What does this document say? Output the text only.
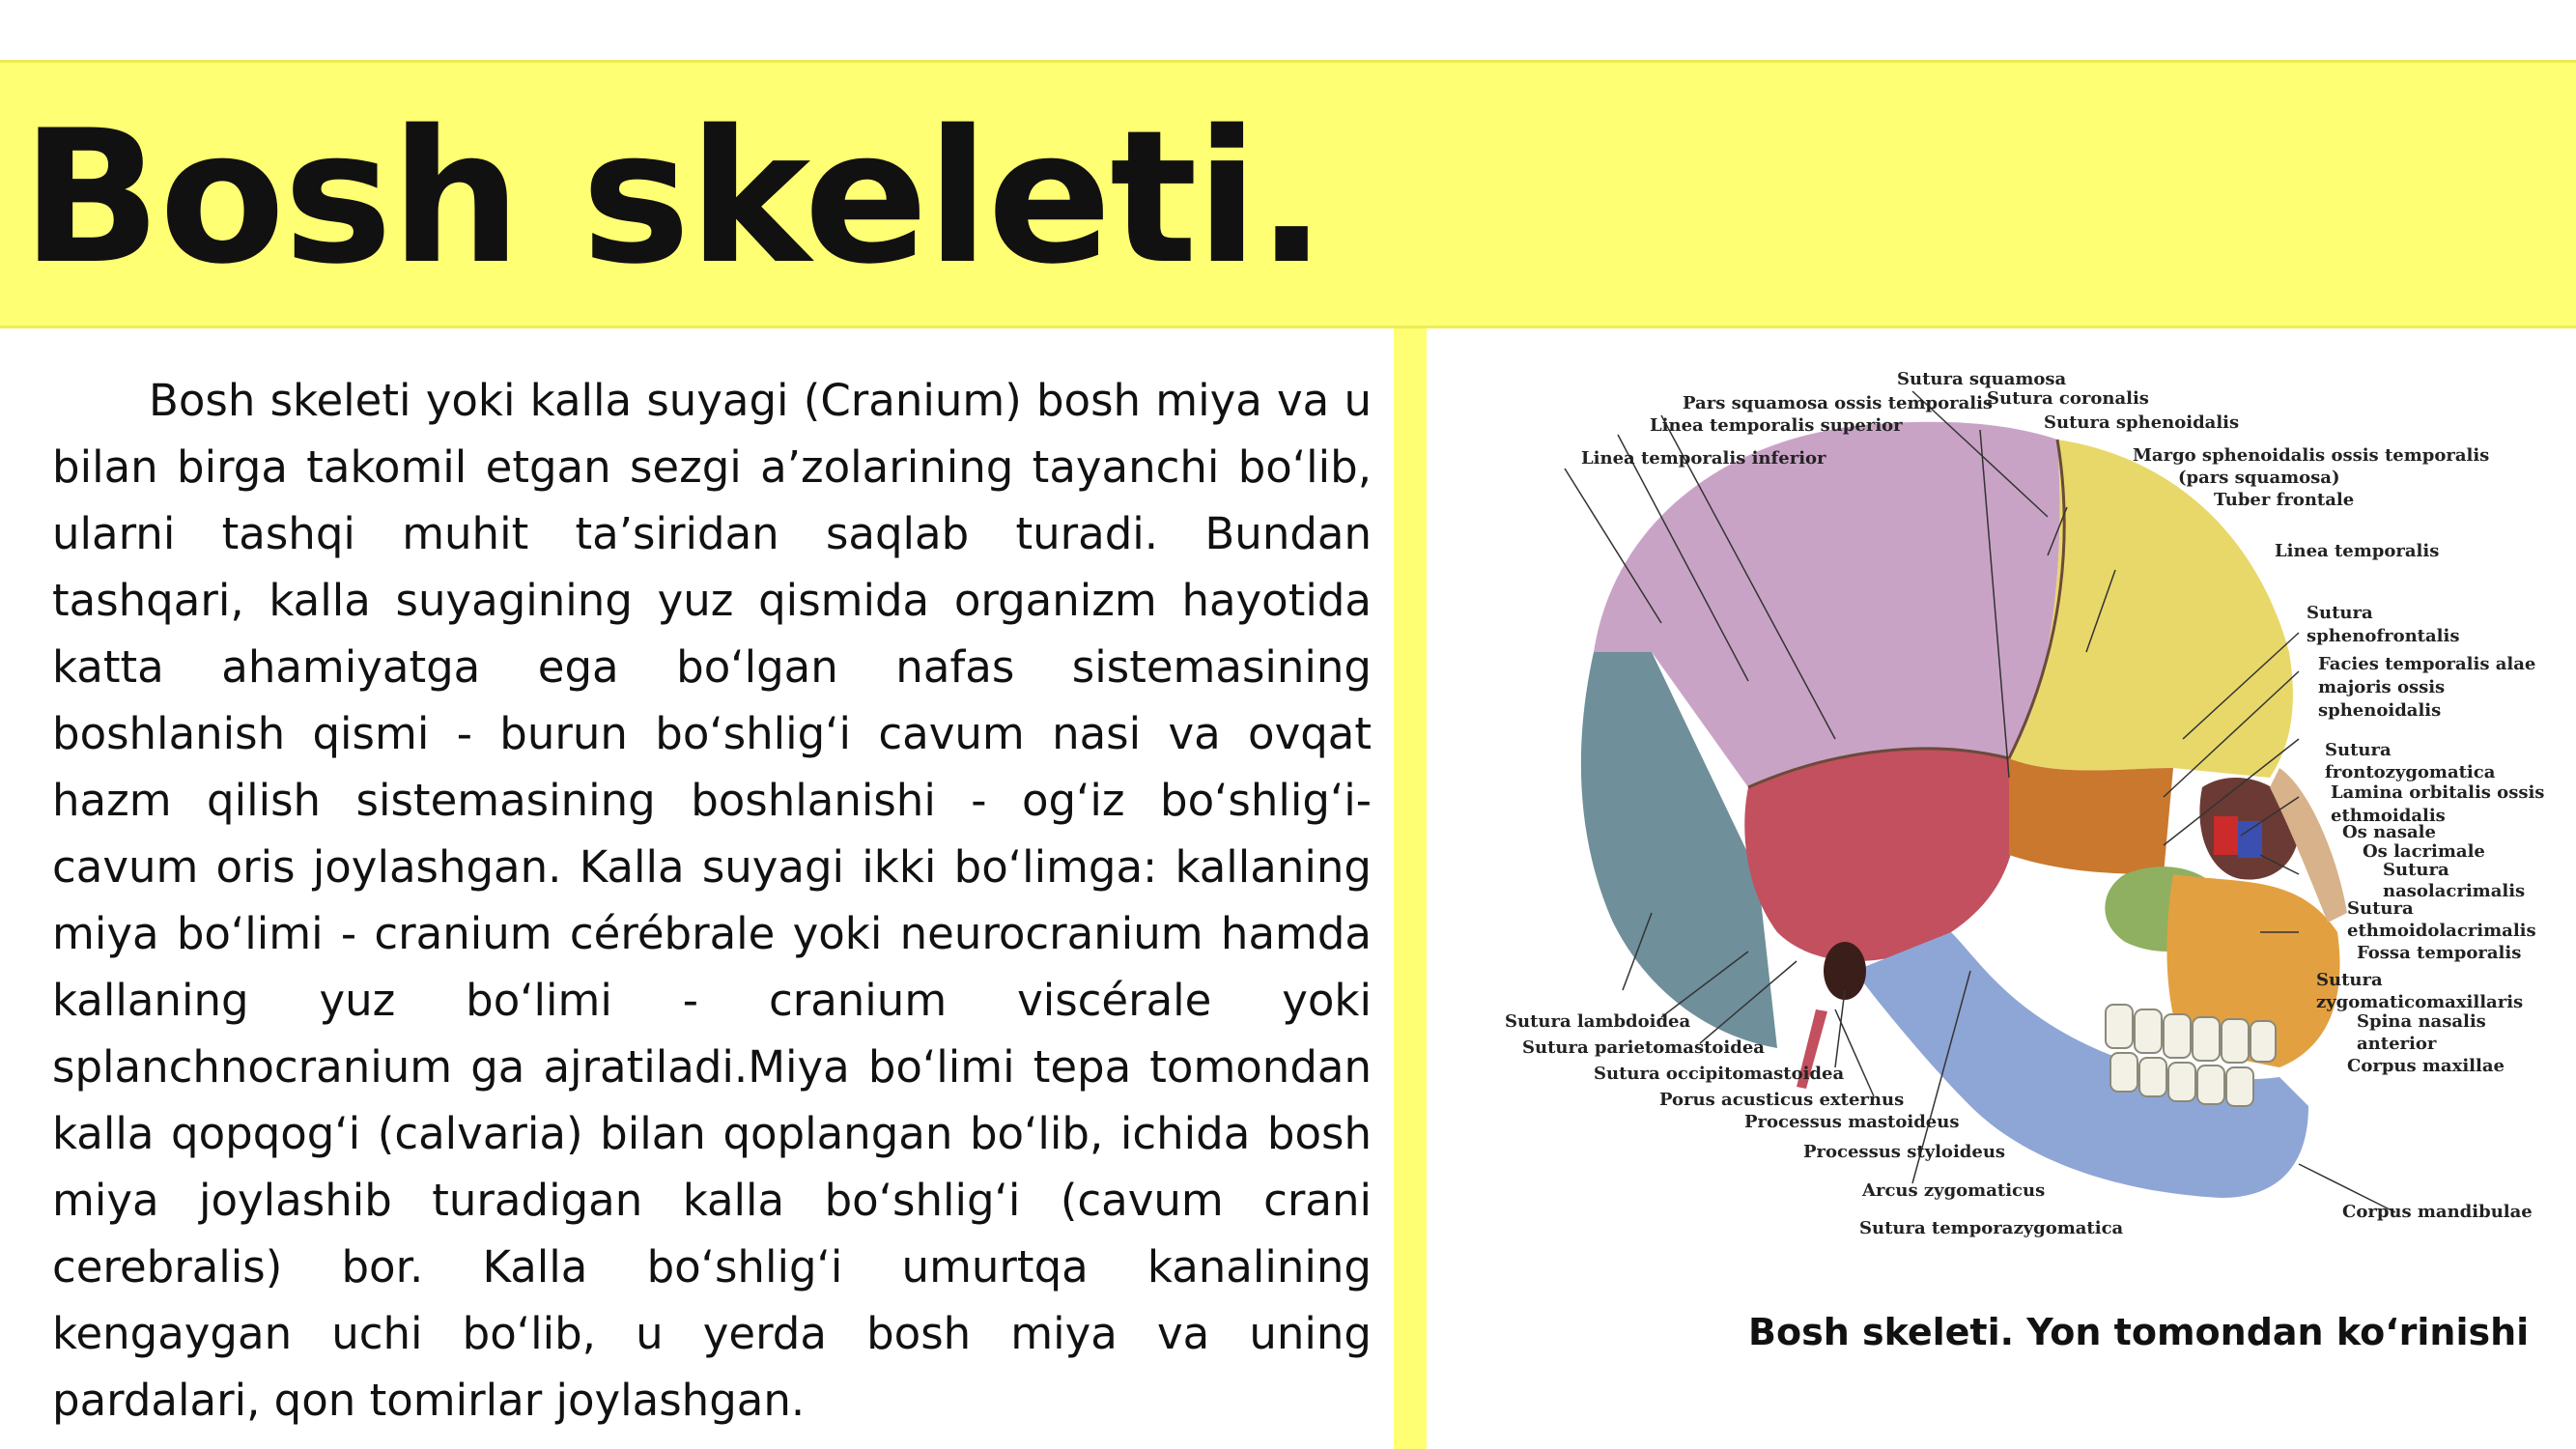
Bosh skeleti.

Bosh skeleti yoki kalla suyagi (Cranium) bosh miya va u bilan birga takomil etgan sezgi a’zolarining tayanchi bo‘lib, ularni tashqi muhit ta’siridan saqlab turadi. Bundan tashqari, kalla suyagining yuz qismida organizm hayotida katta ahamiyatga ega bo‘lgan nafas sistemasining boshlanish qismi - burun bo‘shlig‘i cavum nasi va ovqat hazm qilish sistemasining boshlanishi - og‘iz bo‘shlig‘i-cavum oris joylashgan. Kalla suyagi ikki bo‘limga: kallaning miya bo‘limi - cranium cérébrale yoki neurocranium hamda kallaning yuz bo‘limi - cranium viscérale yoki splanchnocranium ga ajratiladi.Miya bo‘limi tepa tomondan kalla qopqog‘i (calvaria) bilan qoplangan bo‘lib, ichida bosh miya joylashib turadigan kalla bo‘shlig‘i (cavum crani cerebralis) bor. Kalla bo‘shlig‘i umurtqa kanalining kengaygan uchi bo‘lib, u yerda bosh miya va uning pardalari, qon tomirlar joylashgan.

Sutura squamosa
Pars squamosa ossis temporalis
Sutura coronalis
Linea temporalis superior	Sutura sphenoidalis
Linea temporalis inferior	Margo sphenoidalis ossis temporalis
(pars squamosa)
Tuber frontale
Linea temporalis
Sutura
sphenofrontalis
Facies temporalis alae
majoris ossis
sphenoidalis
Sutura
frontozygomatica
Lamina orbitalis ossis
ethmoidalis
Os nasale
Os lacrimale
Sutura
nasolacrimalis
Sutura
ethmoidolacrimalis
Fossa temporalis
Sutura
zygomaticomaxillaris
Spina nasalis
anterior
Corpus maxillae
Sutura lambdoidea
Sutura parietomastoidea
Sutura occipitomastoidea
Porus acusticus externus
Processus mastoideus
Processus styloideus
Arcus zygomaticus
Sutura temporazygomatica
Corpus mandibulae
Bosh skeleti. Yon tomondan ko‘rinishi
